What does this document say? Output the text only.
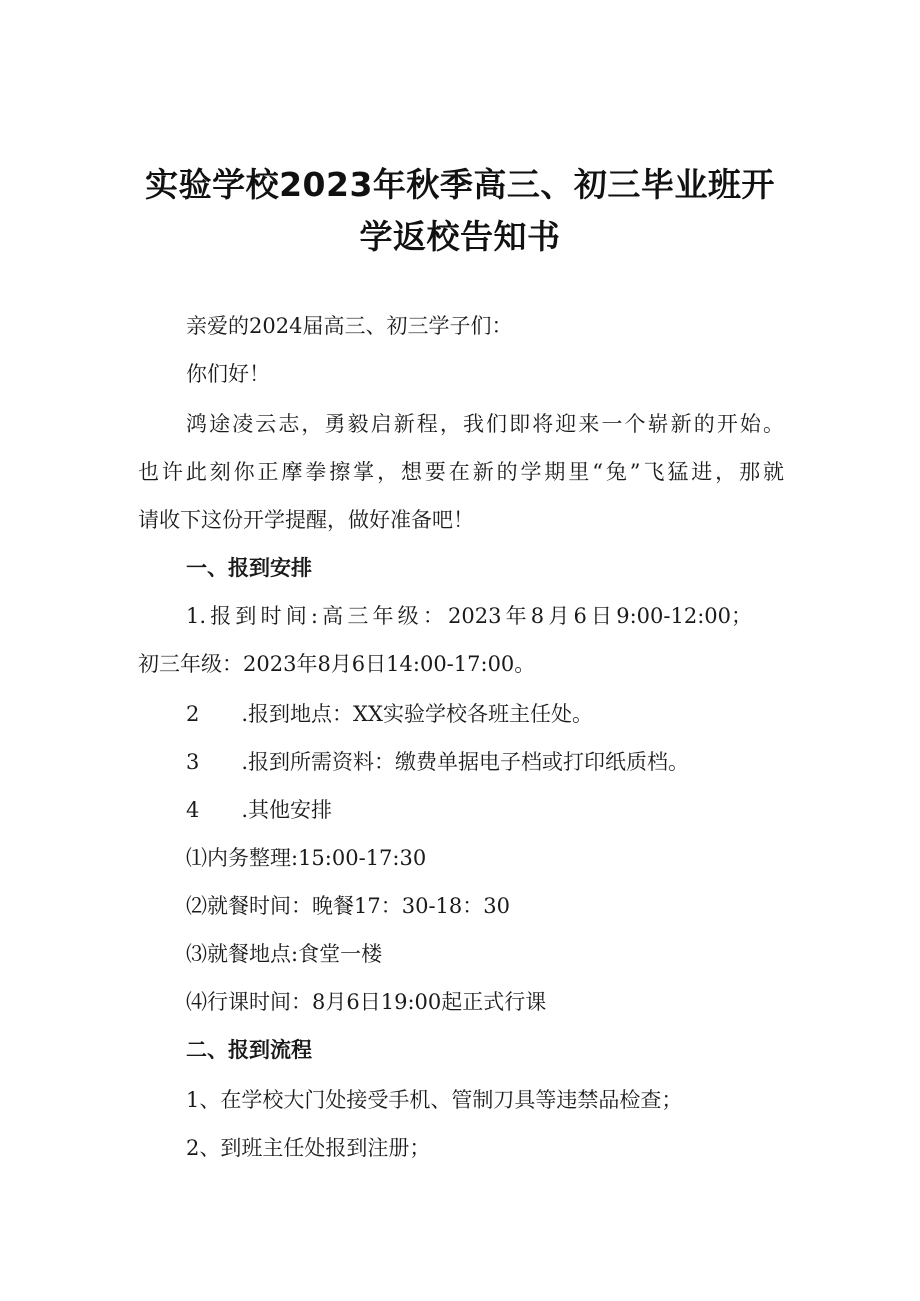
实验学校2023年秋季高三、初三毕业班开
学返校告知书
亲爱的2024届高三、初三学子们：
你们好！
鸿途凌云志，勇毅启新程，我们即将迎来一个崭新的开始。
也许此刻你正摩拳擦掌，想要在新的学期里“兔”飞猛进，那就
请收下这份开学提醒，做好准备吧！
一、报到安排
1.报到时间:高三年级：2023年8月6日9:00-12:00；
初三年级：2023年8月6日14:00-17:00。
2 .报到地点：XX实验学校各班主任处。
3 .报到所需资料：缴费单据电子档或打印纸质档。
4 .其他安排
⑴内务整理:15:00-17:30
⑵就餐时间：晚餐17：30-18：30
⑶就餐地点:食堂一楼
⑷行课时间：8月6日19:00起正式行课
二、报到流程
1、在学校大门处接受手机、管制刀具等违禁品检查；
2、到班主任处报到注册；
